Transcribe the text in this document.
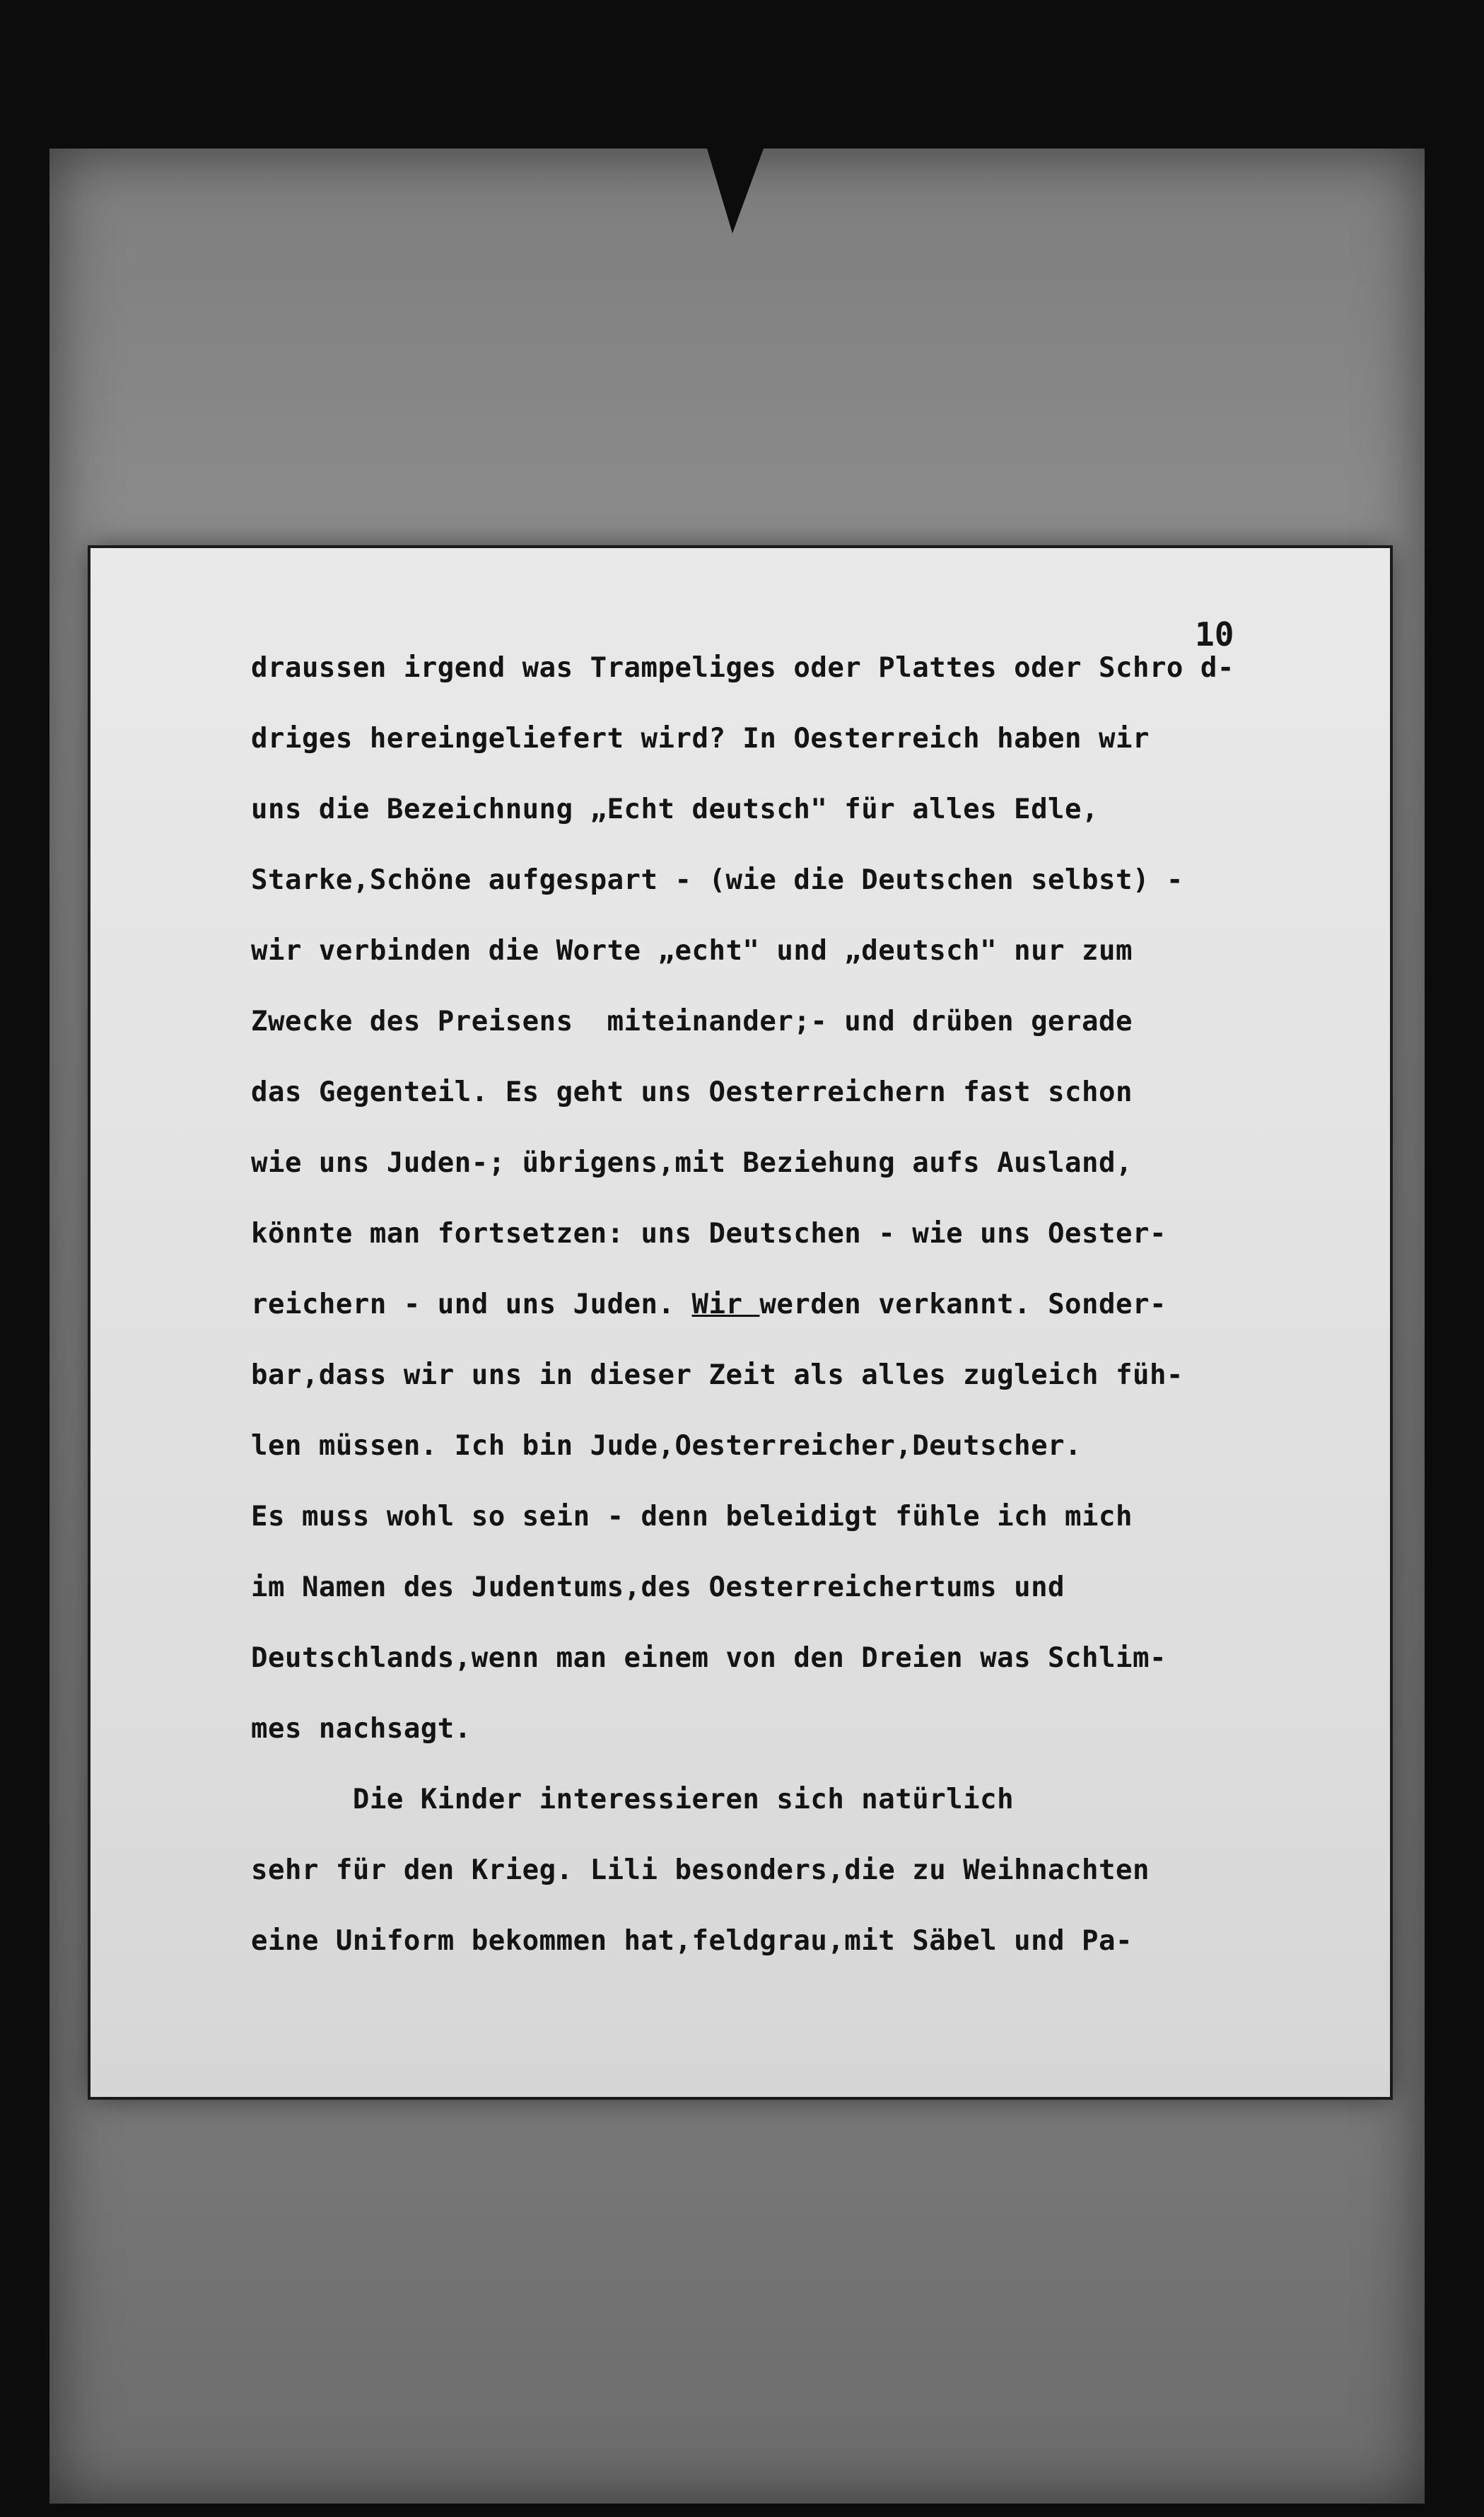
10

draussen irgend was Trampeliges oder Plattes oder Schro d-

driges hereingeliefert wird? In Oesterreich haben wir

uns die Bezeichnung „Echt deutsch" für alles Edle,

Starke,Schöne aufgespart - (wie die Deutschen selbst) -

wir verbinden die Worte „echt" und „deutsch" nur zum

Zwecke des Preisens  miteinander;- und drüben gerade

das Gegenteil. Es geht uns Oesterreichern fast schon

wie uns Juden-; übrigens,mit Beziehung aufs Ausland,

könnte man fortsetzen: uns Deutschen - wie uns Oester-

reichern - und uns Juden. Wir werden verkannt. Sonder-

bar,dass wir uns in dieser Zeit als alles zugleich füh-

len müssen. Ich bin Jude,Oesterreicher,Deutscher.

Es muss wohl so sein - denn beleidigt fühle ich mich

im Namen des Judentums,des Oesterreichertums und

Deutschlands,wenn man einem von den Dreien was Schlim-

mes nachsagt.

Die Kinder interessieren sich natürlich

sehr für den Krieg. Lili besonders,die zu Weihnachten

eine Uniform bekommen hat,feldgrau,mit Säbel und Pa-
